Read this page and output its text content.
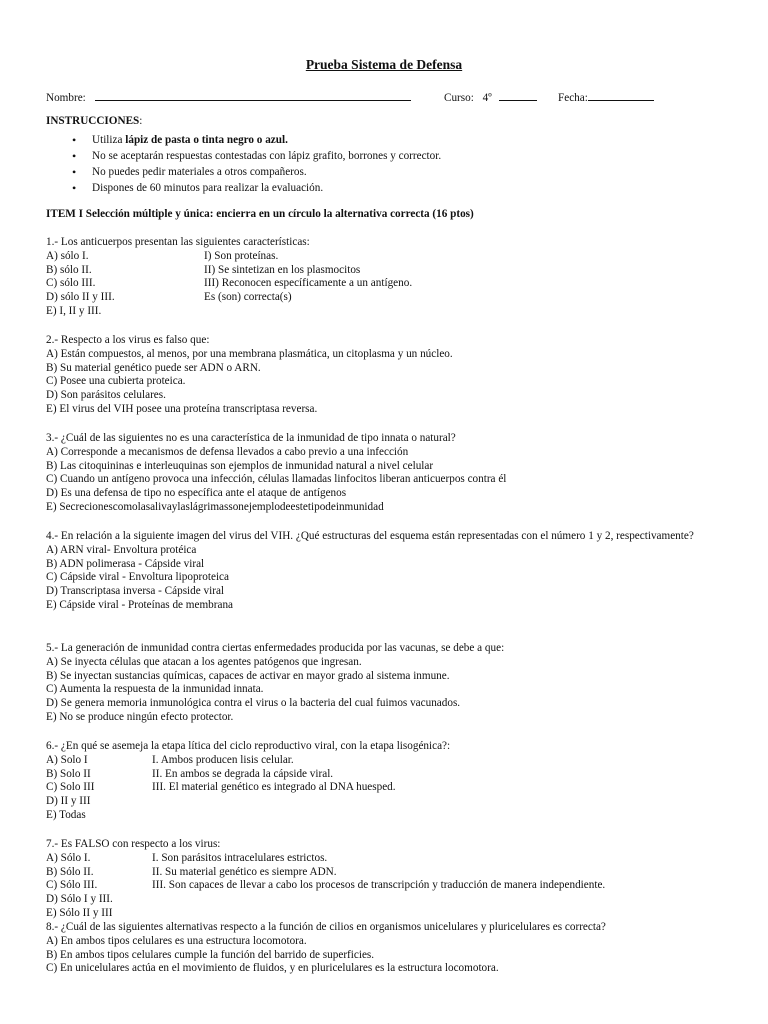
Prueba Sistema de Defensa
Nombre:	Curso: 4º	Fecha:
INSTRUCCIONES:
• Utiliza lápiz de pasta o tinta negro o azul.
• No se aceptarán respuestas contestadas con lápiz grafito, borrones y corrector.
• No puedes pedir materiales a otros compañeros.
• Dispones de 60 minutos para realizar la evaluación.
ITEM I Selección múltiple y única: encierra en un círculo la alternativa correcta (16 ptos)
1.- Los anticuerpos presentan las siguientes características:
A) sólo I.	I) Son proteínas.
B) sólo II.	II) Se sintetizan en los plasmocitos
C) sólo III.	III) Reconocen específicamente a un antígeno.
D) sólo II y III.	Es (son) correcta(s)
E) I, II y III.
2.- Respecto a los virus es falso que:
A) Están compuestos, al menos, por una membrana plasmática, un citoplasma y un núcleo.
B) Su material genético puede ser ADN o ARN.
C) Posee una cubierta proteica.
D) Son parásitos celulares.
E) El virus del VIH posee una proteína transcriptasa reversa.
3.- ¿Cuál de las siguientes no es una característica de la inmunidad de tipo innata o natural?
A) Corresponde a mecanismos de defensa llevados a cabo previo a una infección
B) Las citoquininas e interleuquinas son ejemplos de inmunidad natural a nivel celular
C) Cuando un antígeno provoca una infección, células llamadas linfocitos liberan anticuerpos contra él
D) Es una defensa de tipo no específica ante el ataque de antígenos
E) Secrecionescomolasalivaylaslágrimassonejemplodeestetipodeinmunidad
4.- En relación a la siguiente imagen del virus del VIH. ¿Qué estructuras del esquema están representadas con el número 1 y 2, respectivamente?
A) ARN viral- Envoltura protéica
B) ADN polimerasa - Cápside viral
C) Cápside viral - Envoltura lipoproteica
D) Transcriptasa inversa - Cápside viral
E) Cápside viral - Proteínas de membrana
5.- La generación de inmunidad contra ciertas enfermedades producida por las vacunas, se debe a que:
A) Se inyecta células que atacan a los agentes patógenos que ingresan.
B) Se inyectan sustancias químicas, capaces de activar en mayor grado al sistema inmune.
C) Aumenta la respuesta de la inmunidad innata.
D) Se genera memoria inmunológica contra el virus o la bacteria del cual fuimos vacunados.
E) No se produce ningún efecto protector.
6.- ¿En qué se asemeja la etapa lítica del ciclo reproductivo viral, con la etapa lisogénica?:
A) Solo I	I. Ambos producen lisis celular.
B) Solo II	II. En ambos se degrada la cápside viral.
C) Solo III	III. El material genético es integrado al DNA huesped.
D) II y III
E) Todas
7.- Es FALSO con respecto a los virus:
A) Sólo I.	I. Son parásitos intracelulares estrictos.
B) Sólo II.	II. Su material genético es siempre ADN.
C) Sólo III.	III. Son capaces de llevar a cabo los procesos de transcripción y traducción de manera independiente.
D) Sólo I y III.
E) Sólo II y III
8.- ¿Cuál de las siguientes alternativas respecto a la función de cilios en organismos unicelulares y pluricelulares es correcta?
A) En ambos tipos celulares es una estructura locomotora.
B) En ambos tipos celulares cumple la función del barrido de superficies.
C) En unicelulares actúa en el movimiento de fluidos, y en pluricelulares es la estructura locomotora.
